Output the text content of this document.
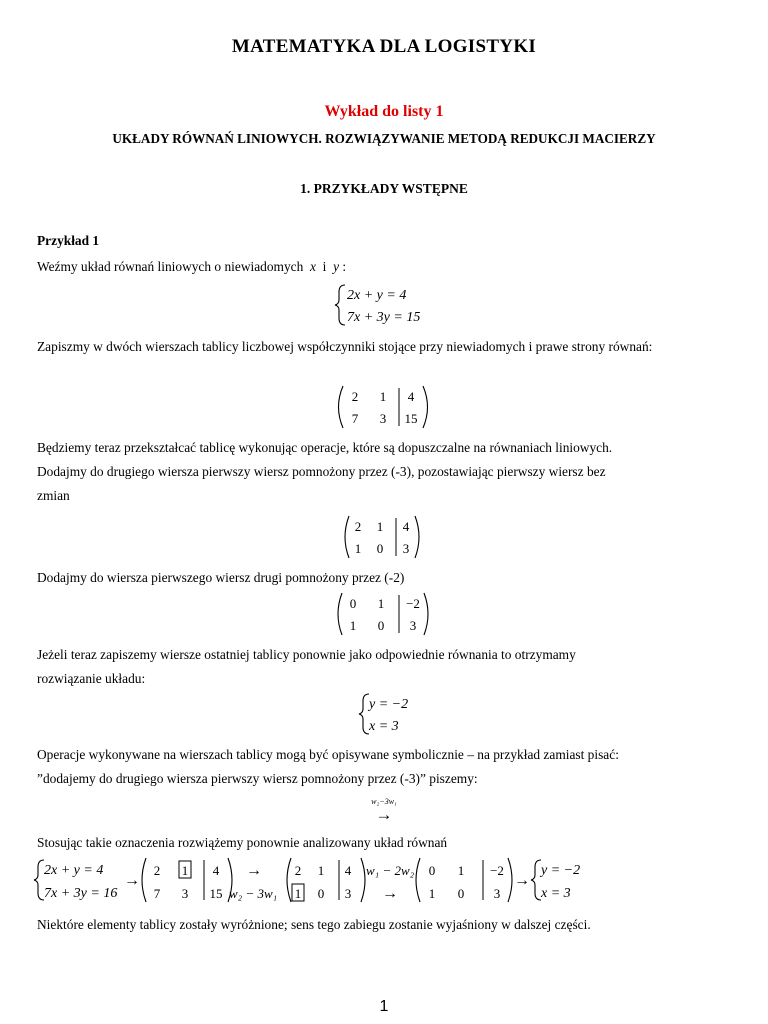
MATEMATYKA DLA LOGISTYKI
Wykład do listy 1
UKŁADY RÓWNAŃ LINIOWYCH. ROZWIĄZYWANIE METODĄ REDUKCJI MACIERZY
1. PRZYKŁADY WSTĘPNE
Przykład 1
Weźmy układ równań liniowych o niewiadomych x i y :
2x + y = 4
7x + 3y = 15
Zapiszmy w dwóch wierszach tablicy liczbowej współczynniki stojące przy niewiadomych i prawe strony równań:
2 1 4
7 3 15
Będziemy teraz przekształcać tablicę wykonując operacje, które są dopuszczalne na równaniach liniowych.
Dodajmy do drugiego wiersza pierwszy wiersz pomnożony przez (-3), pozostawiając pierwszy wiersz bez
zmian
2 1 4
1 0 3
Dodajmy do wiersza pierwszego wiersz drugi pomnożony przez (-2)
0 1 −2
1 0 3
Jeżeli teraz zapiszemy wiersze ostatniej tablicy ponownie jako odpowiednie równania to otrzymamy
rozwiązanie układu:
y = −2
x = 3
Operacje wykonywane na wierszach tablicy mogą być opisywane symbolicznie – na przykład zamiast pisać:
”dodajemy do drugiego wiersza pierwszy wiersz pomnożony przez (-3)” piszemy:
w₂−3w₁
→
Stosując takie oznaczenia rozwiążemy ponownie analizowany układ równań
2x + y = 4
7x + 3y = 16
→
2 1 4
7 3 15
→
w₂ − 3w₁
2 1 4
1 0 3
w₁ − 2w₂
→
0 1 −2
1 0 3
→
y = −2
x = 3
Niektóre elementy tablicy zostały wyróżnione; sens tego zabiegu zostanie wyjaśniony w dalszej części.
1
